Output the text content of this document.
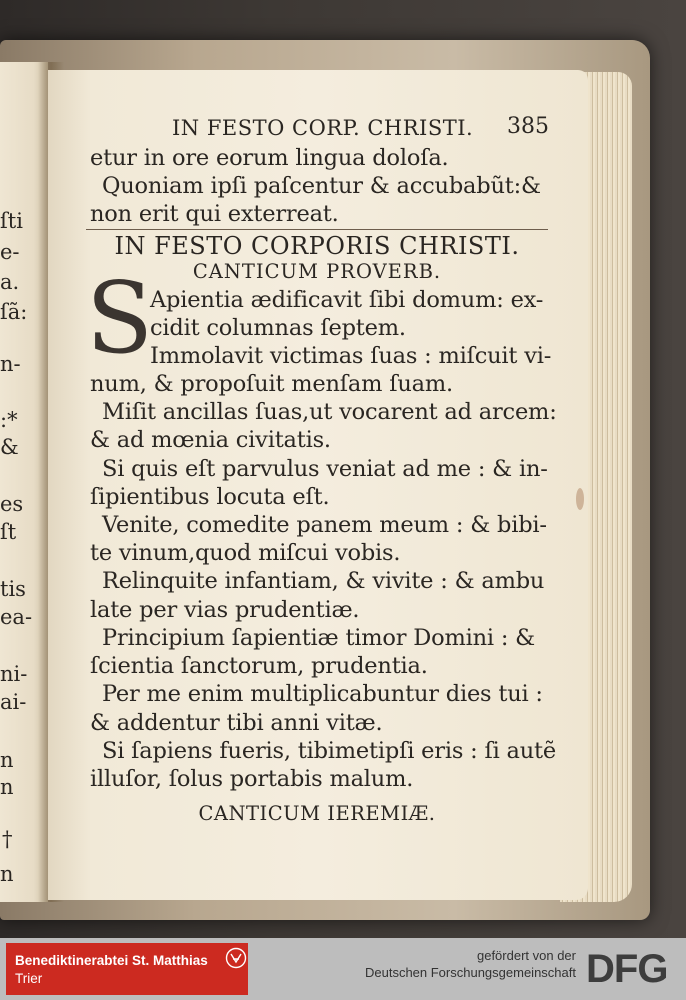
ſti
e-
a.
ſã:
n-
:*
&
es
ſt
tis
ea-
ni-
ai-
n
n
†
n
IN FESTO CORP. CHRISTI. 385
etur in ore eorum lingua doloſa.
Quoniam ipſi paſcentur & accubabũt:&
non erit qui exterreat.
IN FESTO CORPORIS CHRISTI.
CANTICUM PROVERB.
S
Apientia ædificavit ſibi domum: ex-
cidit columnas ſeptem.
Immolavit victimas ſuas : miſcuit vi-
num, & propoſuit menſam ſuam.
Miſit ancillas ſuas,ut vocarent ad arcem:
& ad mœnia civitatis.
Si quis eſt parvulus veniat ad me : & in-
ſipientibus locuta eſt.
Venite, comedite panem meum : & bibi-
te vinum,quod miſcui vobis.
Relinquite infantiam, & vivite : & ambu
late per vias prudentiæ.
Principium ſapientiæ timor Domini : &
ſcientia ſanctorum, prudentia.
Per me enim multiplicabuntur dies tui :
& addentur tibi anni vitæ.
Si ſapiens fueris, tibimetipſi eris : ſi autẽ
illuſor, ſolus portabis malum.
CANTICUM IEREMIÆ.
Benediktinerabtei St. Matthias
Trier
gefördert von der
Deutschen Forschungsgemeinschaft DFG
